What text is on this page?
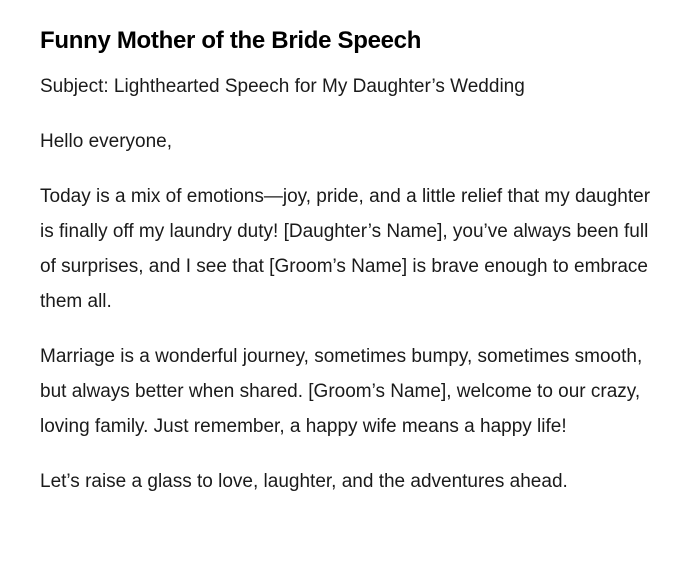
Funny Mother of the Bride Speech

Subject: Lighthearted Speech for My Daughter’s Wedding

Hello everyone,

Today is a mix of emotions—joy, pride, and a little relief that my daughter is finally off my laundry duty! [Daughter’s Name], you’ve always been full of surprises, and I see that [Groom’s Name] is brave enough to embrace them all.

Marriage is a wonderful journey, sometimes bumpy, sometimes smooth, but always better when shared. [Groom’s Name], welcome to our crazy, loving family. Just remember, a happy wife means a happy life!

Let’s raise a glass to love, laughter, and the adventures ahead.
